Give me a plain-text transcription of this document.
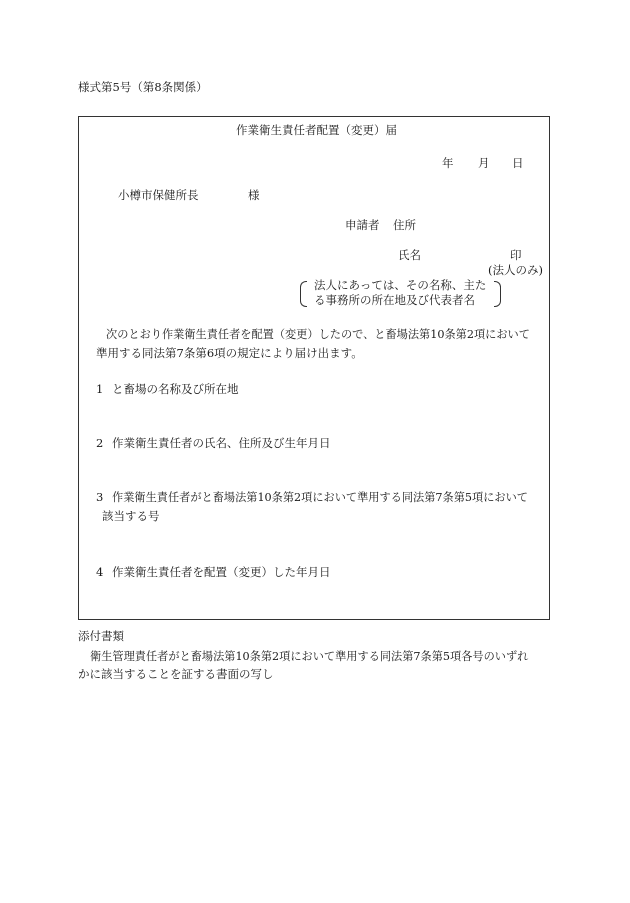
様式第5号（第8条関係）
作業衛生責任者配置（変更）届
年 月 日
小樽市保健所長	様
申請者 住所
氏名	印
(法人のみ)
法人にあっては、その名称、主た
る事務所の所在地及び代表者名
次のとおり作業衛生責任者を配置（変更）したので、と畜場法第10条第2項において
準用する同法第7条第6項の規定により届け出ます。
1 と畜場の名称及び所在地
2 作業衛生責任者の氏名、住所及び生年月日
3 作業衛生責任者がと畜場法第10条第2項において準用する同法第7条第5項において
該当する号
4 作業衛生責任者を配置（変更）した年月日
添付書類
衛生管理責任者がと畜場法第10条第2項において準用する同法第7条第5項各号のいずれ
かに該当することを証する書面の写し
